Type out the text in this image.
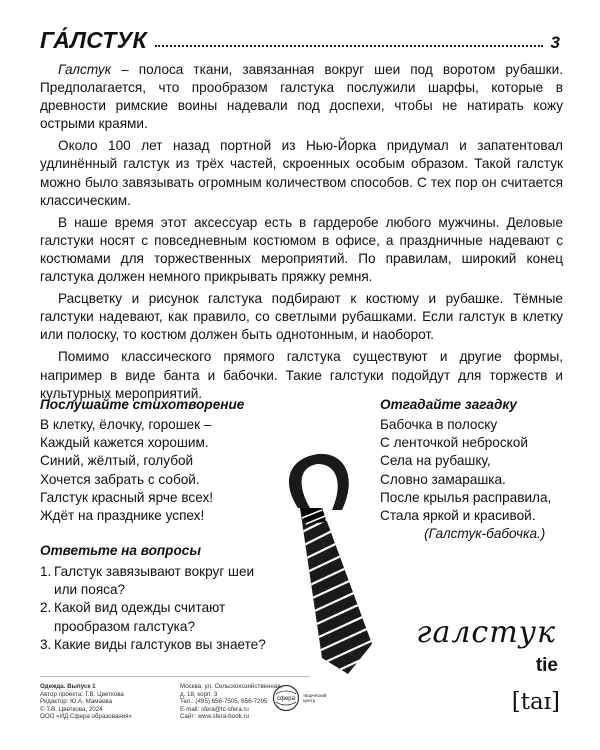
ГА́ЛСТУК	3

Галстук – полоса ткани, завязанная вокруг шеи под воротом рубашки. Предполагается, что прообразом галстука послужили шарфы, которые в древности римские воины надевали под доспехи, чтобы не натирать кожу острыми краями.

Около 100 лет назад портной из Нью-Йорка придумал и запатентовал удлинённый галстук из трёх частей, скроенных особым образом. Такой галстук можно было завязывать огромным количеством способов. С тех пор он считается классическим.

В наше время этот аксессуар есть в гардеробе любого мужчины. Деловые галстуки носят с повседневным костюмом в офисе, а праздничные надевают с костюмами для торжественных мероприятий. По правилам, широкий конец галстука должен немного прикрывать пряжку ремня.

Расцветку и рисунок галстука подбирают к костюму и рубашке. Тёмные галстуки надевают, как правило, со светлыми рубашками. Если галстук в клетку или полоску, то костюм должен быть однотонным, и наоборот.

Помимо классического прямого галстука существуют и другие формы, например в виде банта и бабочки. Такие галстуки подойдут для торжеств и культурных мероприятий.

Послушайте стихотворение
В клетку, ёлочку, горошек –
Каждый кажется хорошим.
Синий, жёлтый, голубой
Хочется забрать с собой.
Галстук красный ярче всех!
Ждёт на празднике успех!
Отгадайте загадку
Бабочка в полоску
С ленточкой неброской
Села на рубашку,
Словно замарашка.
После крылья расправила,
Стала яркой и красивой.
(Галстук-бабочка.)
Ответьте на вопросы
1. Галстук завязывают вокруг шеи или пояса?
2. Какой вид одежды считают прообразом галстука?
3. Какие виды галстуков вы знаете?	галстук
tie
[taɪ]
Одежда. Выпуск 1
Автор проекта: Т.В. Цветкова
Редактор: Ю.А. Мамаева
© Т.В. Цветкова, 2024
ООО «ИД Сфера образования»
Москва, ул. Сельскохозяйственная,
д. 18, корп. 3
Тел.: (495) 656-7505, 656-7205
E-mail: sfera@tc-sfera.ru
Сайт: www.sfera-book.ru
сфера
творческий центр
